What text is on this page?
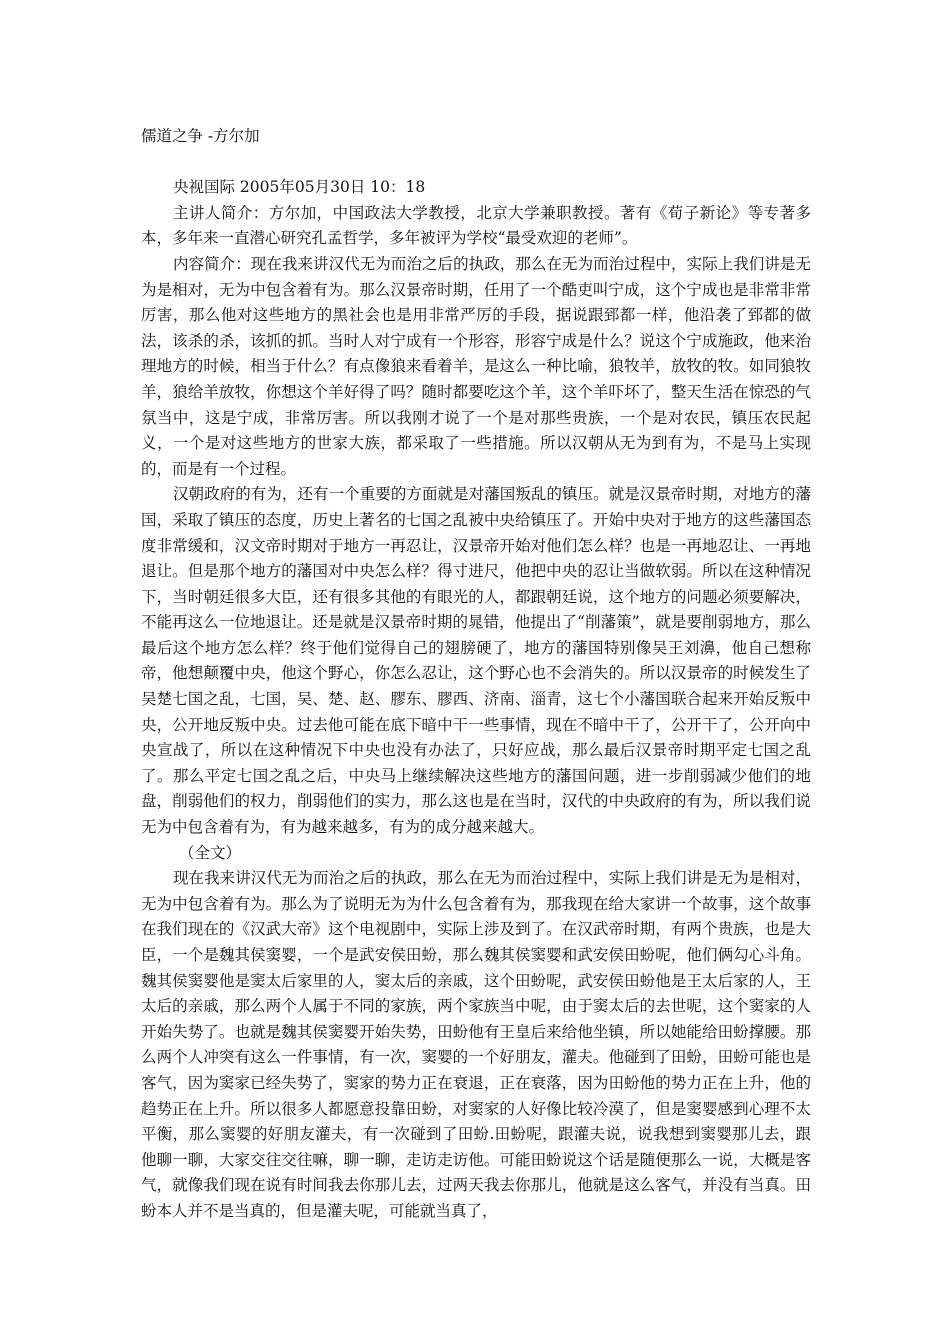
儒道之争 -方尔加

央视国际 2005年05月30日 10：18

主讲人简介：方尔加，中国政法大学教授，北京大学兼职教授。著有《荀子新论》等专著多本，多年来一直潜心研究孔孟哲学，多年被评为学校“最受欢迎的老师”。

内容简介：现在我来讲汉代无为而治之后的执政，那么在无为而治过程中，实际上我们讲是无为是相对，无为中包含着有为。那么汉景帝时期，任用了一个酷吏叫宁成，这个宁成也是非常非常厉害，那么他对这些地方的黑社会也是用非常严厉的手段，据说跟郅都一样，他沿袭了郅都的做法，该杀的杀，该抓的抓。当时人对宁成有一个形容，形容宁成是什么？说这个宁成施政，他来治理地方的时候，相当于什么？有点像狼来看着羊，是这么一种比喻，狼牧羊，放牧的牧。如同狼牧羊，狼给羊放牧，你想这个羊好得了吗？随时都要吃这个羊，这个羊吓坏了，整天生活在惊恐的气氛当中，这是宁成，非常厉害。所以我刚才说了一个是对那些贵族，一个是对农民，镇压农民起义，一个是对这些地方的世家大族，都采取了一些措施。所以汉朝从无为到有为，不是马上实现的，而是有一个过程。

汉朝政府的有为，还有一个重要的方面就是对藩国叛乱的镇压。就是汉景帝时期，对地方的藩国，采取了镇压的态度，历史上著名的七国之乱被中央给镇压了。开始中央对于地方的这些藩国态度非常缓和，汉文帝时期对于地方一再忍让，汉景帝开始对他们怎么样？也是一再地忍让、一再地退让。但是那个地方的藩国对中央怎么样？得寸进尺，他把中央的忍让当做软弱。所以在这种情况下，当时朝廷很多大臣，还有很多其他的有眼光的人，都跟朝廷说，这个地方的问题必须要解决，不能再这么一位地退让。还是就是汉景帝时期的晁错，他提出了“削藩策”，就是要削弱地方，那么最后这个地方怎么样？终于他们觉得自己的翅膀硬了，地方的藩国特别像吴王刘濞，他自己想称帝，他想颠覆中央，他这个野心，你怎么忍让，这个野心也不会消失的。所以汉景帝的时候发生了吴楚七国之乱，七国，吴、楚、赵、膠东、膠西、济南、淄青，这七个小藩国联合起来开始反叛中央，公开地反叛中央。过去他可能在底下暗中干一些事情，现在不暗中干了，公开干了，公开向中央宣战了，所以在这种情况下中央也没有办法了，只好应战，那么最后汉景帝时期平定七国之乱了。那么平定七国之乱之后，中央马上继续解决这些地方的藩国问题，进一步削弱减少他们的地盘，削弱他们的权力，削弱他们的实力，那么这也是在当时，汉代的中央政府的有为，所以我们说无为中包含着有为，有为越来越多，有为的成分越来越大。

（全文）

现在我来讲汉代无为而治之后的执政，那么在无为而治过程中，实际上我们讲是无为是相对，无为中包含着有为。那么为了说明无为为什么包含着有为，那我现在给大家讲一个故事，这个故事在我们现在的《汉武大帝》这个电视剧中，实际上涉及到了。在汉武帝时期，有两个贵族，也是大臣，一个是魏其侯窦婴，一个是武安侯田蚡，那么魏其侯窦婴和武安侯田蚡呢，他们俩勾心斗角。魏其侯窦婴他是窦太后家里的人，窦太后的亲戚，这个田蚡呢，武安侯田蚡他是王太后家的人，王太后的亲戚，那么两个人属于不同的家族，两个家族当中呢，由于窦太后的去世呢，这个窦家的人开始失势了。也就是魏其侯窦婴开始失势，田蚡他有王皇后来给他坐镇，所以她能给田蚡撑腰。那么两个人冲突有这么一件事情，有一次，窦婴的一个好朋友，灌夫。他碰到了田蚡，田蚡可能也是客气，因为窦家已经失势了，窦家的势力正在衰退，正在衰落，因为田蚡他的势力正在上升，他的趋势正在上升。所以很多人都愿意投靠田蚡，对窦家的人好像比较冷漠了，但是窦婴感到心理不太平衡，那么窦婴的好朋友灌夫，有一次碰到了田蚡.田蚡呢，跟灌夫说，说我想到窦婴那儿去，跟他聊一聊，大家交往交往嘛，聊一聊，走访走访他。可能田蚡说这个话是随便那么一说，大概是客气，就像我们现在说有时间我去你那儿去，过两天我去你那儿，他就是这么客气，并没有当真。田蚡本人并不是当真的，但是灌夫呢，可能就当真了，
